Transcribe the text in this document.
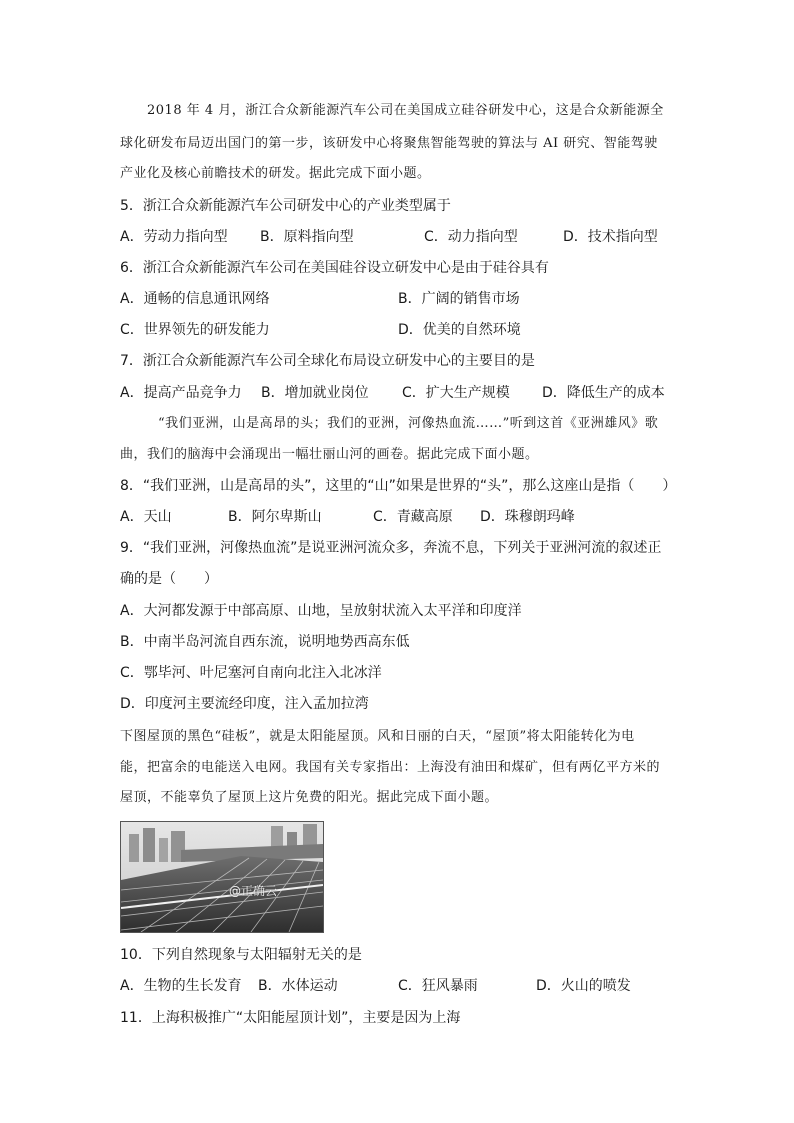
2018 年 4 月，浙江合众新能源汽车公司在美国成立硅谷研发中心，这是合众新能源全
球化研发布局迈出国门的第一步，该研发中心将聚焦智能驾驶的算法与 AI 研究、智能驾驶
产业化及核心前瞻技术的研发。据此完成下面小题。
5．浙江合众新能源汽车公司研发中心的产业类型属于
A．劳动力指向型 B．原料指向型	C．动力指向型	D．技术指向型
6．浙江合众新能源汽车公司在美国硅谷设立研发中心是由于硅谷具有
A．通畅的信息通讯网络	B．广阔的销售市场
C．世界领先的研发能力	D．优美的自然环境
7．浙江合众新能源汽车公司全球化布局设立研发中心的主要目的是
A．提高产品竞争力 B．增加就业岗位 C．扩大生产规模 D．降低生产的成本
“我们亚洲，山是高昂的头；我们的亚洲，河像热血流……”听到这首《亚洲雄风》歌
曲，我们的脑海中会涌现出一幅壮丽山河的画卷。据此完成下面小题。
8．“我们亚洲，山是高昂的头”，这里的“山”如果是世界的“头”，那么这座山是指（　　）
A．天山	B．阿尔卑斯山	C．青藏高原 D．珠穆朗玛峰
9．“我们亚洲，河像热血流”是说亚洲河流众多，奔流不息，下列关于亚洲河流的叙述正
确的是（　　）
A．大河都发源于中部高原、山地，呈放射状流入太平洋和印度洋
B．中南半岛河流自西东流，说明地势西高东低
C．鄂毕河、叶尼塞河自南向北注入北冰洋
D．印度河主要流经印度，注入孟加拉湾
下图屋顶的黑色“硅板”，就是太阳能屋顶。风和日丽的白天，“屋顶”将太阳能转化为电
能，把富余的电能送入电网。我国有关专家指出：上海没有油田和煤矿，但有两亿平方米的
屋顶，不能辜负了屋顶上这片免费的阳光。据此完成下面小题。
@正确云
10．下列自然现象与太阳辐射无关的是
A．生物的生长发育 B．水体运动	C．狂风暴雨	D．火山的喷发
11．上海积极推广“太阳能屋顶计划”，主要是因为上海
